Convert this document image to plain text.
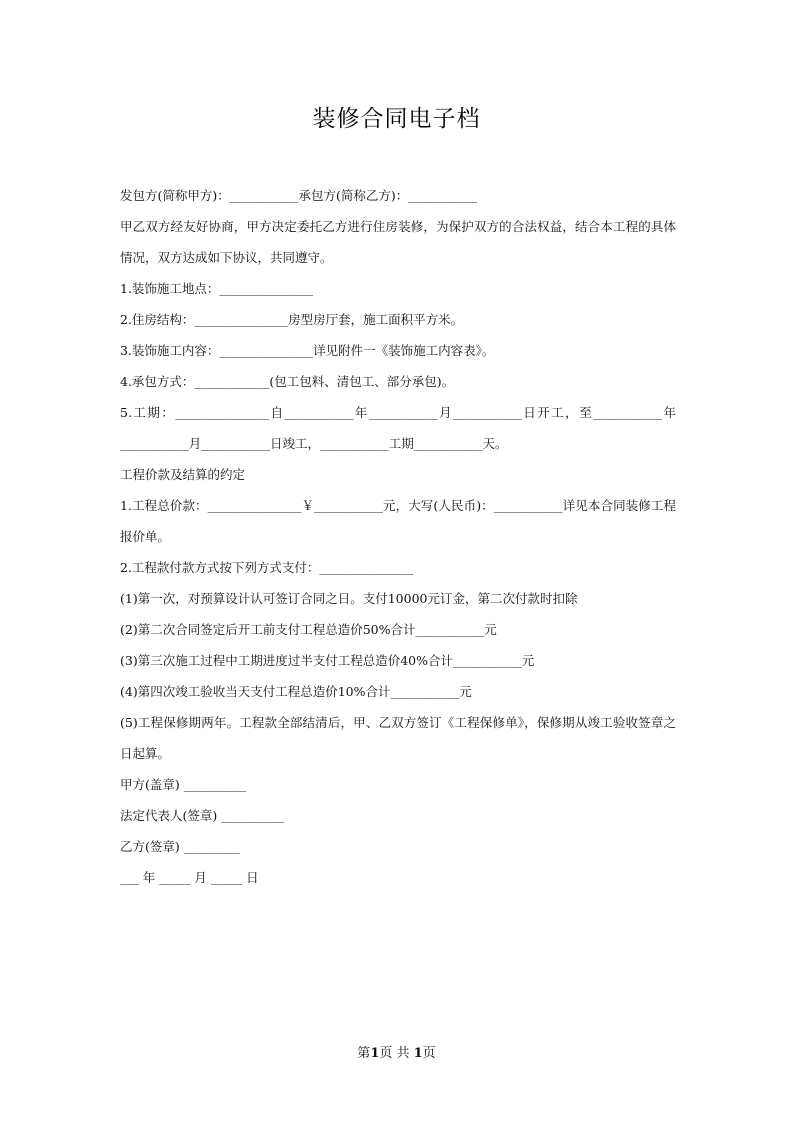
装修合同电子档
发包方(简称甲方)：___________承包方(简称乙方)：___________
甲乙双方经友好协商，甲方决定委托乙方进行住房装修，为保护双方的合法权益，结合本工程的具体情况，双方达成如下协议，共同遵守。
1.装饰施工地点：_______________
2.住房结构：_______________房型房厅套，施工面积平方米。
3.装饰施工内容：_______________详见附件一《装饰施工内容表》。
4.承包方式：____________(包工包料、清包工、部分承包)。
5.工期：_______________自___________年___________月___________日开工，至___________年___________月___________日竣工，___________工期___________天。
工程价款及结算的约定
1.工程总价款：_______________￥___________元，大写(人民币)：___________详见本合同装修工程报价单。
2.工程款付款方式按下列方式支付：_______________
(1)第一次，对预算设计认可签订合同之日。支付10000元订金，第二次付款时扣除
(2)第二次合同签定后开工前支付工程总造价50%合计___________元
(3)第三次施工过程中工期进度过半支付工程总造价40%合计___________元
(4)第四次竣工验收当天支付工程总造价10%合计___________元
(5)工程保修期两年。工程款全部结清后，甲、乙双方签订《工程保修单》，保修期从竣工验收签章之日起算。
甲方(盖章) __________
法定代表人(签章) __________
乙方(签章) _________
___ 年 _____ 月 _____ 日
第1页 共 1页
